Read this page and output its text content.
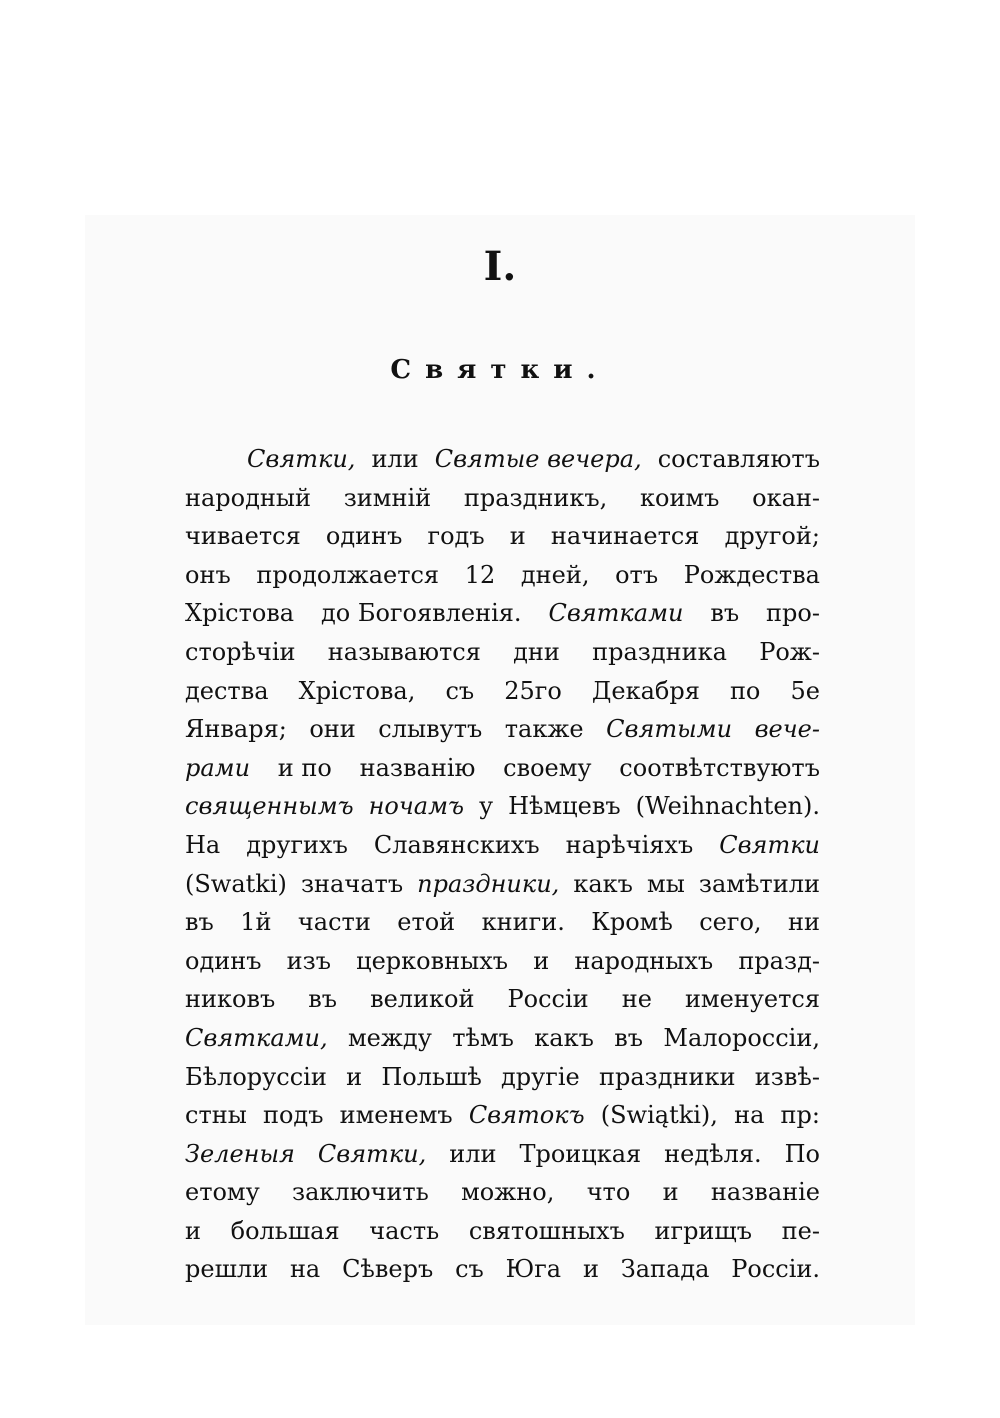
I.
Святки.
Святки, или Святые вечера, составляютъ
народный зимній праздникъ, коимъ окан-
чивается одинъ годъ и начинается другой;
онъ продолжается 12 дней, отъ Рождества
Хрістова до Богоявленія. Святками въ про-
сторѣчіи называются дни праздника Рож-
дества Хрістова, съ 25го Декабря по 5е
Января; они слывутъ также Святыми вече-
рами и по названію своему соотвѣтствуютъ
священнымъ ночамъ у Нѣмцевъ (Weihnachten).
На другихъ Славянскихъ нарѣчіяхъ Святки
(Swatki) значатъ праздники, какъ мы замѣтили
въ 1й части етой книги. Кромѣ сего, ни
одинъ изъ церковныхъ и народныхъ празд-
никовъ въ великой Россіи не именуется
Святками, между тѣмъ какъ въ Малороссіи,
Бѣлоруссіи и Польшѣ другіе праздники извѣ-
стны подъ именемъ Святокъ (Swiątki), на пр:
Зеленыя Святки, или Троицкая недѣля. По
етому заключить можно, что и названіе
и большая часть святошныхъ игрищъ пе-
решли на Сѣверъ съ Юга и Запада Россіи.
